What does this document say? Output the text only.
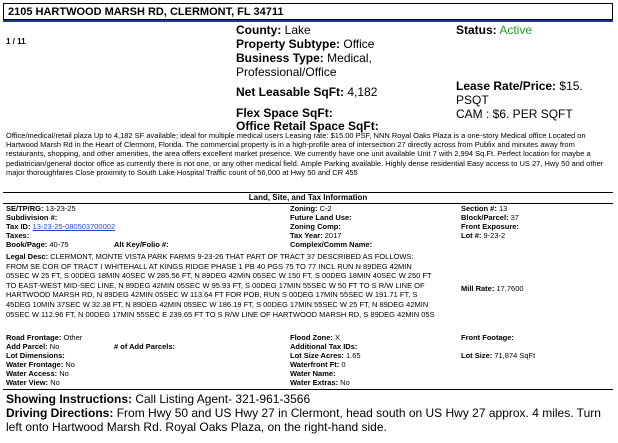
2105 HARTWOOD MARSH RD, CLERMONT, FL 34711
1 / 11
County: Lake	Status: Active
Property Subtype: Office
Business Type: Medical,
Professional/Office
Lease Rate/Price: $15.
PSQT
Net Leasable SqFt: 4,182
CAM : $6. PER SQFT
Flex Space SqFt:
Office Retail Space SqFt:
Office/medical/retail plaza Up to 4,182 SF available; ideal for multiple medical users Leasing rate: $15.00 PSF, NNN Royal Oaks Plaza is a one-story Medical office Located on Hartwood Marsh Rd in the Heart of Clermont, Florida. The commercial property is in a high-profile area of intersection 27 directly across from Publix and minutes away from restaurants, shopping, and other amenities, the area offers excellent market presence. We currently have one unit available Unit 7 with 2,994 Sq.Ft. Perfect location for maybe a pediatrician/general doctor office as currently there is not one, or any other medical field. Ample Parking available. Highly dense residential Easy access to US 27, Hwy 50 and other major thoroughfares Close proximity to South Lake Hospital Traffic count of 56,000 at Hwy 50 and CR 455
Land, Site, and Tax Information
SE/TP/RG: 13-23-25	Zoning: C-2	Section #: 13
Subdivision #:	Future Land Use:	Block/Parcel: 37
Tax ID: 13-23-25-080503700002	Zoning Comp:	Front Exposure:
Taxes:	Tax Year: 2017	Lot #: 9-23-2
Book/Page: 40-75	Alt Key/Folio #:	Complex/Comm Name:
Legal Desc: CLERMONT, MONTE VISTA PARK FARMS 9-23-26 THAT PART OF TRACT 37 DESCRIBED AS FOLLOWS: FROM SE COR OF TRACT I WHITEHALL AT KINGS RIDGE PHASE 1 PB 40 PGS 75 TO 77 INCL RUN N 89DEG 42MIN 05SEC W 25 FT, S 00DEG 18MIN 40SEC W 285.56 FT, N 89DEG 42MIN 05SEC W 150 FT, S 00DEG 18MIN 40SEC W 250 FT TO EAST-WEST MID-SEC LINE, N 89DEG 42MIN 05SEC W 95.93 FT, S 00DEG 17MIN 55SEC W 50 FT TO S R/W LINE OF HARTWOOD MARSH RD, N 89DEG 42MIN 05SEC W 113.64 FT FOR POB, RUN S 00DEG 17MIN 55SEC W 191.71 FT, S 45DEG 10MIN 37SEC W 32.38 FT, N 89DEG 42MIN 05SEC W 186.19 FT, S 00DEG 17MIN 55SEC W 25 FT, N 89DEG 42MIN 05SEC W 112.96 FT, N 00DEG 17MIN 55SEC E 239.65 FT TO S R/W LINE OF HARTWOOD MARSH RD, S 89DEG 42MIN 05S
Mill Rate: 17.7600
Road Frontage: Other	Flood Zone: X	Front Footage:
Add Parcel: No	# of Add Parcels:	Additional Tax IDs:
Lot Dimensions:	Lot Size Acres: 1.65	Lot Size: 71,874 SqFt
Water Frontage: No	Waterfront Ft: 0
Water Access: No	Water Name:
Water View: No	Water Extras: No
Showing Instructions: Call Listing Agent- 321-961-3566
Driving Directions: From Hwy 50 and US Hwy 27 in Clermont, head south on US Hwy 27 approx. 4 miles. Turn left onto Hartwood Marsh Rd. Royal Oaks Plaza, on the right-hand side.
